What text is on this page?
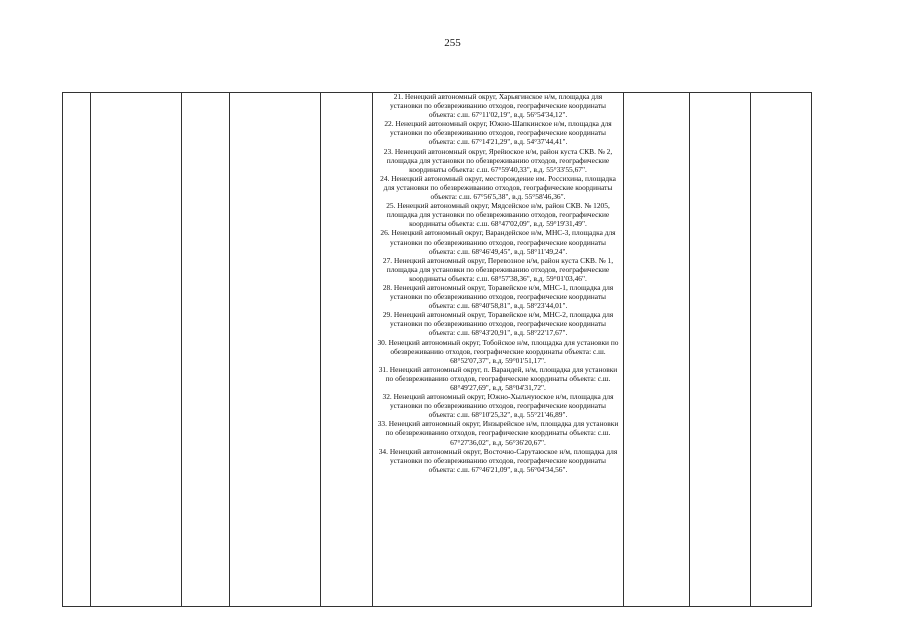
255

21. Ненецкий автономный округ, Харьягинское н/м, площадка для установки по обезвреживанию отходов, географические координаты объекта: с.ш. 67°11'02,19", в.д. 56°54'34,12".

22. Ненецкий автономный округ, Южно-Шапкинское н/м, площадка для установки по обезвреживанию отходов, географические координаты объекта: с.ш. 67°14'21,29", в.д. 54°37'44,41".

23. Ненецкий автономный округ, Ярейюское н/м, район куста СКВ. № 2, площадка для установки по обезвреживанию отходов, географические координаты объекта: с.ш. 67°59'40,33", в.д. 55°33'55,67".

24. Ненецкий автономный округ, месторождение им. Россихина, площадка для установки по обезвреживанию отходов, географические координаты объекта: с.ш. 67°56'5,38", в.д. 55°58'46,36".

25. Ненецкий автономный округ, Мядсейское н/м, район СКВ. № 1205, площадка для установки по обезвреживанию отходов, географические координаты объекта: с.ш. 68°47'02,09", в.д. 59°19'31,49".

26. Ненецкий автономный округ, Варандейское н/м, МНС-3, площадка для установки по обезвреживанию отходов, географические координаты объекта: с.ш. 68°46'49,45", в.д. 58°11'49,24".

27. Ненецкий автономный округ, Перевозное н/м, район куста СКВ. № 1, площадка для установки по обезвреживанию отходов, географические координаты объекта: с.ш. 68°57'38,36", в.д. 59°01'03,46".

28. Ненецкий автономный округ, Торавейское н/м, МНС-1, площадка для установки по обезвреживанию отходов, географические координаты объекта: с.ш. 68°40'58,81", в.д. 58°23'44,01".

29. Ненецкий автономный округ, Торавейское н/м, МНС-2, площадка для установки по обезвреживанию отходов, географические координаты объекта: с.ш. 68°43'20,91", в.д. 58°22'17,67".

30. Ненецкий автономный округ, Тобойское н/м, площадка для установки по обезвреживанию отходов, географические координаты объекта: с.ш. 68°52'07,37", в.д. 59°01'51,17".

31. Ненецкий автономный округ, п. Варандей, н/м, площадка для установки по обезвреживанию отходов, географические координаты объекта: с.ш. 68°49'27,69", в.д. 58°04'31,72".

32. Ненецкий автономный округ, Южно-Хыльчуюское н/м, площадка для установки по обезвреживанию отходов, географические координаты объекта: с.ш. 68°10'25,32", в.д. 55°21'46,89".

33. Ненецкий автономный округ, Инзырейское н/м, площадка для установки по обезвреживанию отходов, географические координаты объекта: с.ш. 67°27'36,02", в.д. 56°36'20,67".

34. Ненецкий автономный округ, Восточно-Сарутаюское н/м, площадка для установки по обезвреживанию отходов, географические координаты объекта: с.ш. 67°46'21,09", в.д. 56°04'34,56".
